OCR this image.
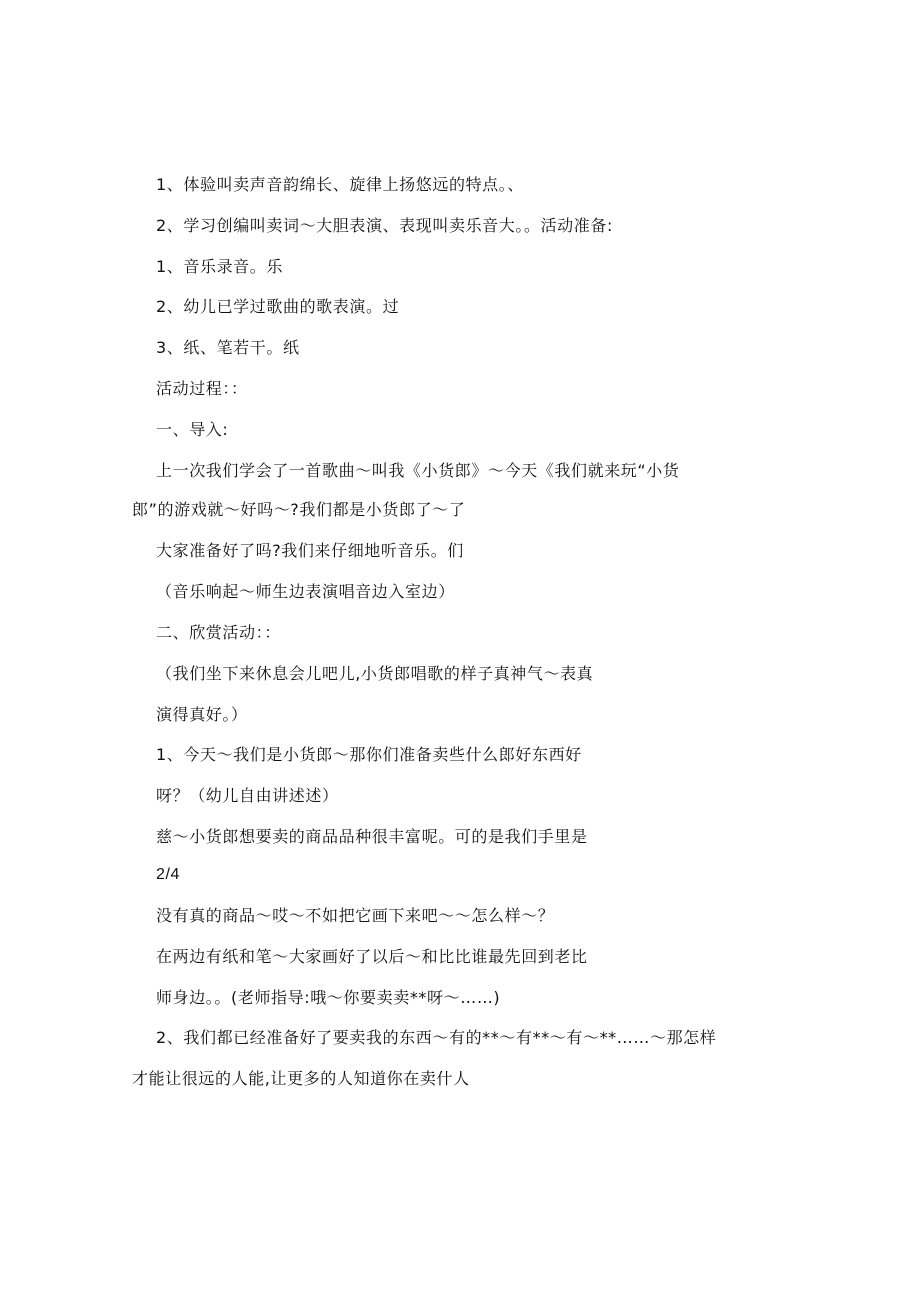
1、体验叫卖声音韵绵长、旋律上扬悠远的特点。、
2、学习创编叫卖词～大胆表演、表现叫卖乐音大。。活动准备:
1、音乐录音。乐
2、幼儿已学过歌曲的歌表演。过
3、纸、笔若干。纸
活动过程：：
一、导入:
上一次我们学会了一首歌曲～叫我《小货郎》～今天《我们就来玩“小货
郎”的游戏就～好吗～?我们都是小货郎了～了
大家准备好了吗?我们来仔细地听音乐。们
（音乐响起～师生边表演唱音边入室边）
二、欣赏活动：：
（我们坐下来休息会儿吧儿,小货郎唱歌的样子真神气～表真
演得真好。）
1、今天～我们是小货郎～那你们准备卖些什么郎好东西好
呀？（幼儿自由讲述述）
慈～小货郎想要卖的商品品种很丰富呢。可的是我们手里是
2/4
没有真的商品～哎～不如把它画下来吧～～怎么样～？
在两边有纸和笔～大家画好了以后～和比比谁最先回到老比
师身边。。(老师指导:哦～你要卖卖**呀～……)
2、我们都已经准备好了要卖我的东西～有的**～有**～有～**……～那怎样
才能让很远的人能,让更多的人知道你在卖什人
